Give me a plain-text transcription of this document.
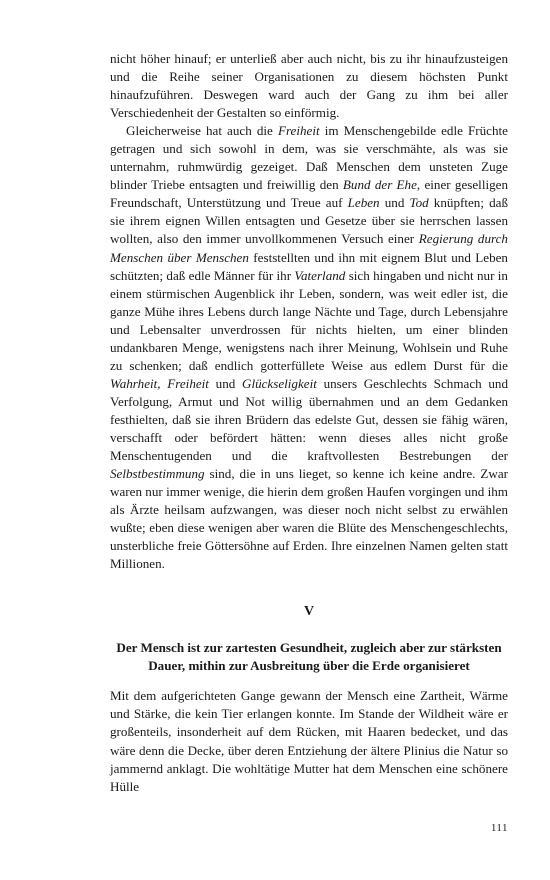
nicht höher hinauf; er unterließ aber auch nicht, bis zu ihr hinaufzusteigen und die Reihe seiner Organisationen zu diesem höchsten Punkt hinaufzuführen. Deswegen ward auch der Gang zu ihm bei aller Verschiedenheit der Gestalten so einförmig.

Gleicherweise hat auch die Freiheit im Menschengebilde edle Früchte getragen und sich sowohl in dem, was sie verschmähte, als was sie unternahm, ruhmwürdig gezeiget. Daß Menschen dem unsteten Zuge blinder Triebe entsagten und freiwillig den Bund der Ehe, einer geselligen Freundschaft, Unterstützung und Treue auf Leben und Tod knüpften; daß sie ihrem eignen Willen entsagten und Gesetze über sie herrschen lassen wollten, also den immer unvollkommenen Versuch einer Regierung durch Menschen über Menschen feststellten und ihn mit eignem Blut und Leben schützten; daß edle Männer für ihr Vaterland sich hingaben und nicht nur in einem stürmischen Augenblick ihr Leben, sondern, was weit edler ist, die ganze Mühe ihres Lebens durch lange Nächte und Tage, durch Lebensjahre und Lebensalter unverdrossen für nichts hielten, um einer blinden undankbaren Menge, wenigstens nach ihrer Meinung, Wohlsein und Ruhe zu schenken; daß endlich gotterfüllete Weise aus edlem Durst für die Wahrheit, Freiheit und Glückseligkeit unsers Geschlechts Schmach und Verfolgung, Armut und Not willig übernahmen und an dem Gedanken festhielten, daß sie ihren Brüdern das edelste Gut, dessen sie fähig wären, verschafft oder befördert hätten: wenn dieses alles nicht große Menschentugenden und die kraftvollesten Bestrebungen der Selbstbestimmung sind, die in uns lieget, so kenne ich keine andre. Zwar waren nur immer wenige, die hierin dem großen Haufen vorgingen und ihm als Ärzte heilsam aufzwangen, was dieser noch nicht selbst zu erwählen wußte; eben diese wenigen aber waren die Blüte des Menschengeschlechts, unsterbliche freie Göttersöhne auf Erden. Ihre einzelnen Namen gelten statt Millionen.

V
Der Mensch ist zur zartesten Gesundheit, zugleich aber zur stärksten Dauer, mithin zur Ausbreitung über die Erde organisieret

Mit dem aufgerichteten Gange gewann der Mensch eine Zartheit, Wärme und Stärke, die kein Tier erlangen konnte. Im Stande der Wildheit wäre er großenteils, insonderheit auf dem Rücken, mit Haaren bedecket, und das wäre denn die Decke, über deren Entziehung der ältere Plinius die Natur so jammernd anklagt. Die wohltätige Mutter hat dem Menschen eine schönere Hülle

111
